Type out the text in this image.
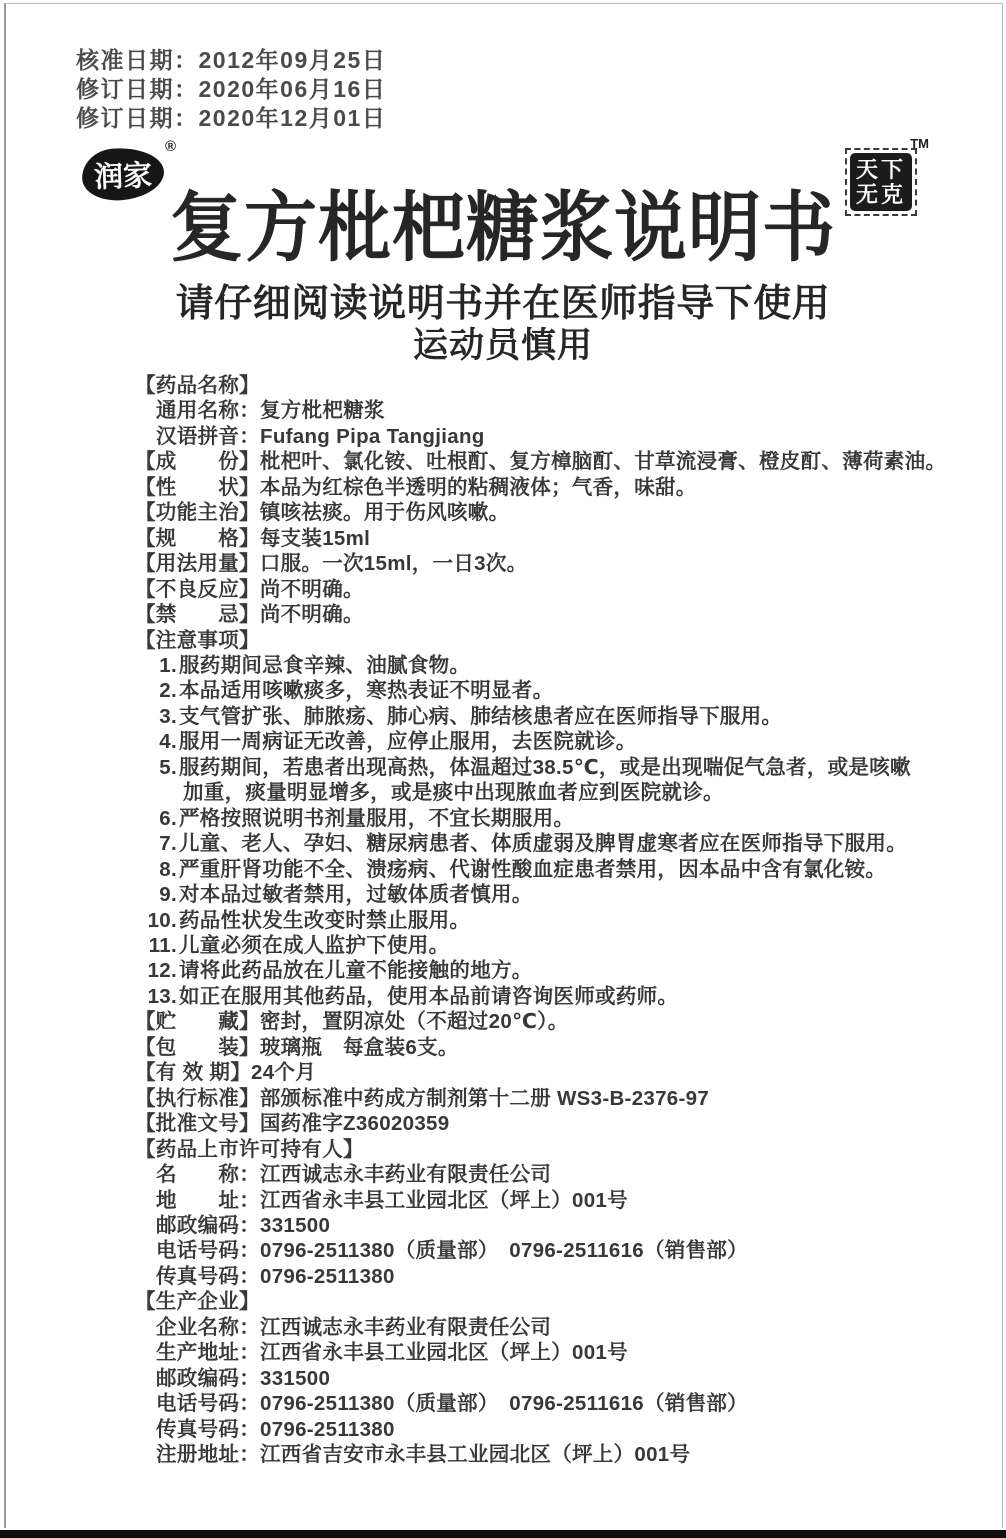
核准日期：2012年09月25日
修订日期：2020年06月16日
修订日期：2020年12月01日
润家
®
天下
无克
TM
复方枇杷糖浆说明书
请仔细阅读说明书并在医师指导下使用
运动员慎用
【药品名称】
通用名称：复方枇杷糖浆
汉语拼音：Fufang Pipa Tangjiang
【成　　份】枇杷叶、氯化铵、吐根酊、复方樟脑酊、甘草流浸膏、橙皮酊、薄荷素油。
【性　　状】本品为红棕色半透明的粘稠液体；气香，味甜。
【功能主治】镇咳祛痰。用于伤风咳嗽。
【规　　格】每支装15ml
【用法用量】口服。一次15ml，一日3次。
【不良反应】尚不明确。
【禁　　忌】尚不明确。
【注意事项】
1. 服药期间忌食辛辣、油腻食物。
2. 本品适用咳嗽痰多，寒热表证不明显者。
3. 支气管扩张、肺脓疡、肺心病、肺结核患者应在医师指导下服用。
4. 服用一周病证无改善，应停止服用，去医院就诊。
5. 服药期间，若患者出现高热，体温超过38.5℃，或是出现喘促气急者，或是咳嗽
加重，痰量明显增多，或是痰中出现脓血者应到医院就诊。
6. 严格按照说明书剂量服用，不宜长期服用。
7. 儿童、老人、孕妇、糖尿病患者、体质虚弱及脾胃虚寒者应在医师指导下服用。
8. 严重肝肾功能不全、溃疡病、代谢性酸血症患者禁用，因本品中含有氯化铵。
9. 对本品过敏者禁用，过敏体质者慎用。
10. 药品性状发生改变时禁止服用。
11. 儿童必须在成人监护下使用。
12. 请将此药品放在儿童不能接触的地方。
13. 如正在服用其他药品，使用本品前请咨询医师或药师。
【贮　　藏】密封，置阴凉处（不超过20℃）。
【包　　装】玻璃瓶　每盒装6支。
【有 效 期】24个月
【执行标准】部颁标准中药成方制剂第十二册 WS3-B-2376-97
【批准文号】国药准字Z36020359
【药品上市许可持有人】
名　　称：江西诚志永丰药业有限责任公司
地　　址：江西省永丰县工业园北区（坪上）001号
邮政编码：331500
电话号码：0796-2511380（质量部）　0796-2511616（销售部）
传真号码：0796-2511380
【生产企业】
企业名称：江西诚志永丰药业有限责任公司
生产地址：江西省永丰县工业园北区（坪上）001号
邮政编码：331500
电话号码：0796-2511380（质量部）　0796-2511616（销售部）
传真号码：0796-2511380
注册地址：江西省吉安市永丰县工业园北区（坪上）001号
